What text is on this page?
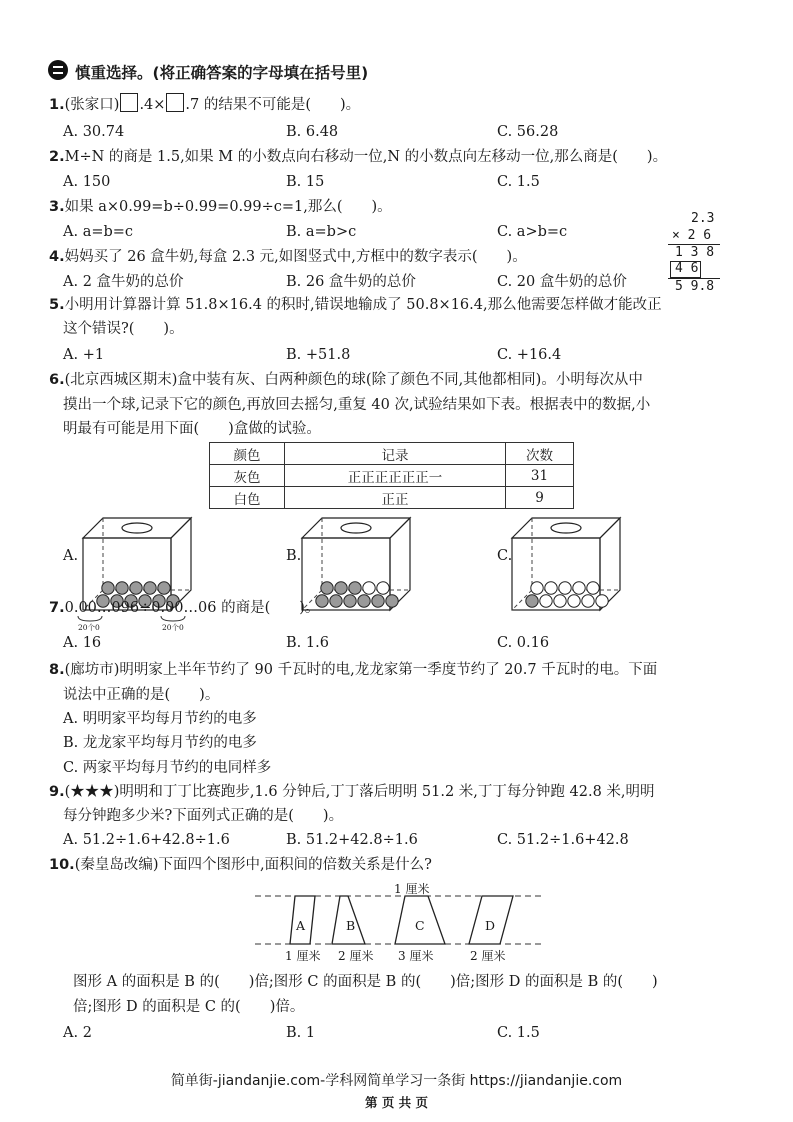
慎重选择。(将正确答案的字母填在括号里)
1.(张家口) .4× .7 的结果不可能是(　　)。
A. 30.74	B. 6.48	C. 56.28
2.M÷N 的商是 1.5,如果 M 的小数点向右移动一位,N 的小数点向左移动一位,那么商是(　　)。
A. 150	B. 15	C. 1.5
3.如果 a×0.99=b÷0.99=0.99÷c=1,那么(　　)。
A. a=b=c	B. a=b>c	C. a>b=c
2.3
× 2 6
1 3 8
4 6
5 9.8
4.妈妈买了 26 盒牛奶,每盒 2.3 元,如图竖式中,方框中的数字表示(　　)。
A. 2 盒牛奶的总价	B. 26 盒牛奶的总价	C. 20 盒牛奶的总价
5.小明用计算器计算 51.8×16.4 的积时,错误地输成了 50.8×16.4,那么他需要怎样做才能改正
这个错误?(　　)。
A. +1	B. +51.8	C. +16.4
6.(北京西城区期末)盒中装有灰、白两种颜色的球(除了颜色不同,其他都相同)。小明每次从中
摸出一个球,记录下它的颜色,再放回去摇匀,重复 40 次,试验结果如下表。根据表中的数据,小
明最有可能是用下面(　　)盒做的试验。
颜色	记录	次数
灰色	正正正正正正一	31
白色	正正	9
A.	B.	C.
7.0.00…096÷0.00…06 的商是(　　)。
20个0	20个0
A. 16	B. 1.6	C. 0.16
8.(廊坊市)明明家上半年节约了 90 千瓦时的电,龙龙家第一季度节约了 20.7 千瓦时的电。下面
说法中正确的是(　　)。
A. 明明家平均每月节约的电多
B. 龙龙家平均每月节约的电多
C. 两家平均每月节约的电同样多
9.(★★★)明明和丁丁比赛跑步,1.6 分钟后,丁丁落后明明 51.2 米,丁丁每分钟跑 42.8 米,明明
每分钟跑多少米?下面列式正确的是(　　)。
A. 51.2÷1.6+42.8÷1.6	B. 51.2+42.8÷1.6	C. 51.2÷1.6+42.8
10.(秦皇岛改编)下面四个图形中,面积间的倍数关系是什么?
1 厘米
A	B	C	D
1 厘米 2 厘米 3 厘米	2 厘米
图形 A 的面积是 B 的(　　)倍;图形 C 的面积是 B 的(　　)倍;图形 D 的面积是 B 的(　　)
倍;图形 D 的面积是 C 的(　　)倍。
A. 2	B. 1	C. 1.5
简单街-jiandanjie.com-学科网简单学习一条街 https://jiandanjie.com
第 页 共 页
